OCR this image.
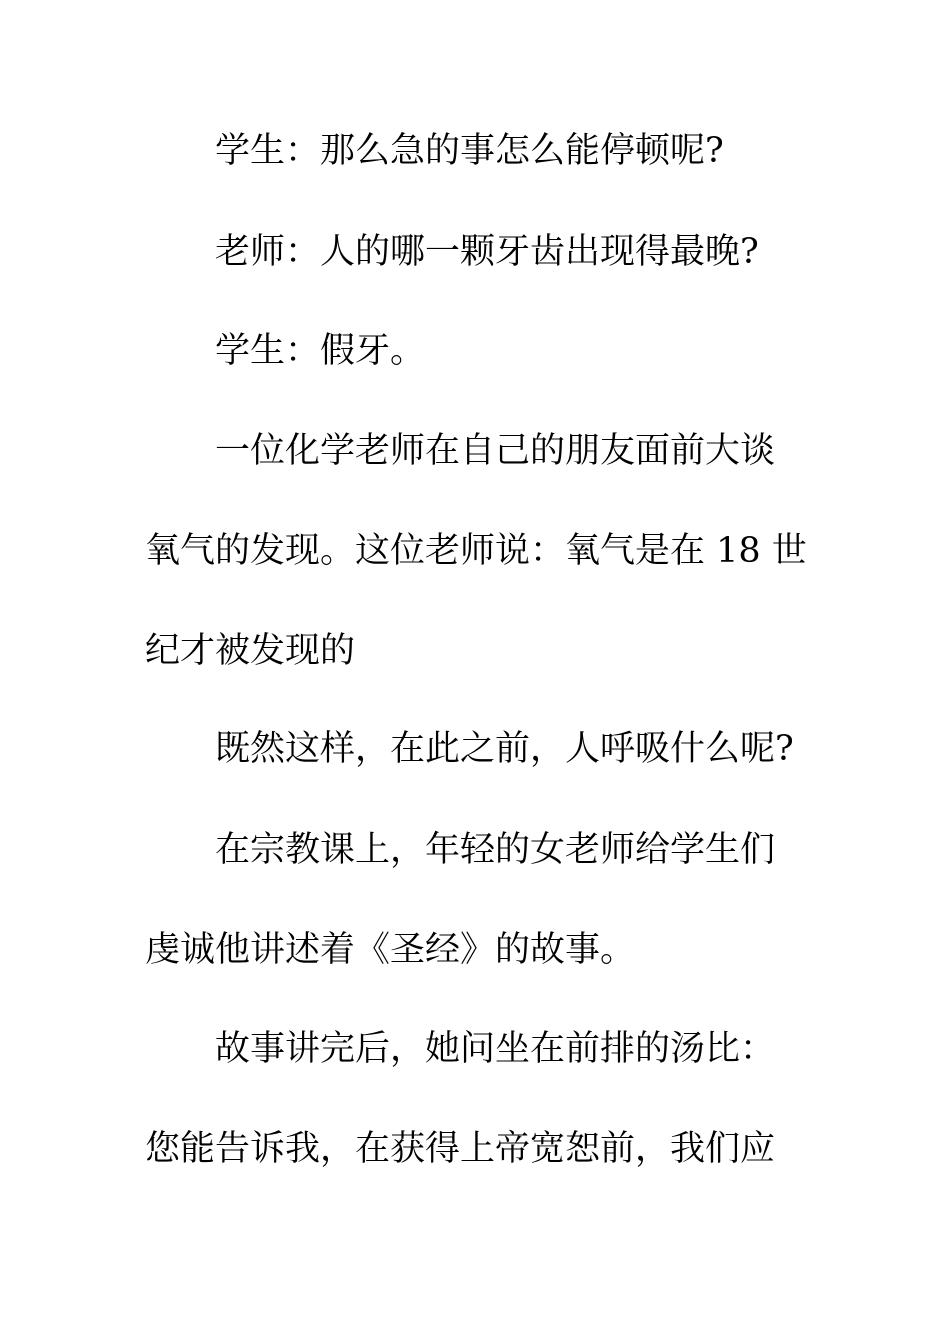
学生：那么急的事怎么能停顿呢?
老师：人的哪一颗牙齿出现得最晚?
学生：假牙。
一位化学老师在自己的朋友面前大谈
氧气的发现。这位老师说：氧气是在 18 世
纪才被发现的
既然这样，在此之前，人呼吸什么呢?
在宗教课上，年轻的女老师给学生们
虔诚他讲述着《圣经》的故事。
故事讲完后，她问坐在前排的汤比：
您能告诉我，在获得上帝宽恕前，我们应
